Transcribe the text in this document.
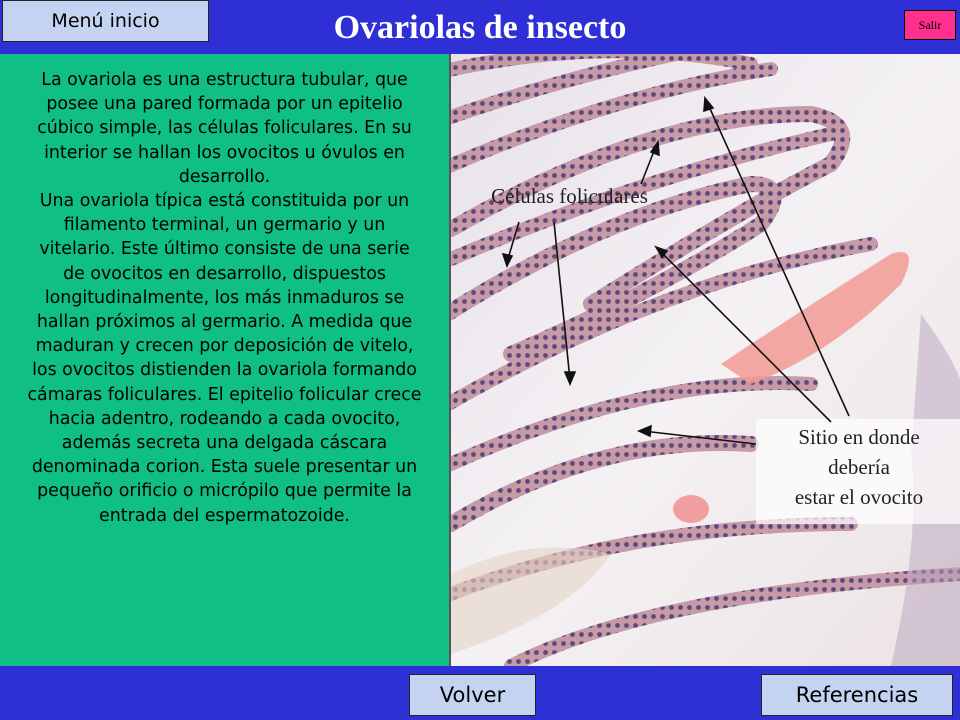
Menú inicio	Ovariolas de insecto	Salir

La ovariola es una estructura tubular, que posee una pared formada por un epitelio cúbico simple, las células foliculares. En su interior se hallan los ovocitos u óvulos en desarrollo.

Una ovariola típica está constituida por un filamento terminal, un germario y un vitelario. Este último consiste de una serie de ovocitos en desarrollo, dispuestos longitudinalmente, los más inmaduros se hallan próximos al germario. A medida que maduran y crecen por deposición de vitelo, los ovocitos distienden la ovariola formando cámaras foliculares. El epitelio folicular crece hacia adentro, rodeando a cada ovocito, además secreta una delgada cáscara denominada corion. Esta suele presentar un pequeño orificio o micrópilo que permite la entrada del espermatozoide.

Células foliculares
Sitio en donde
debería
estar el ovocito
Volver	Referencias
